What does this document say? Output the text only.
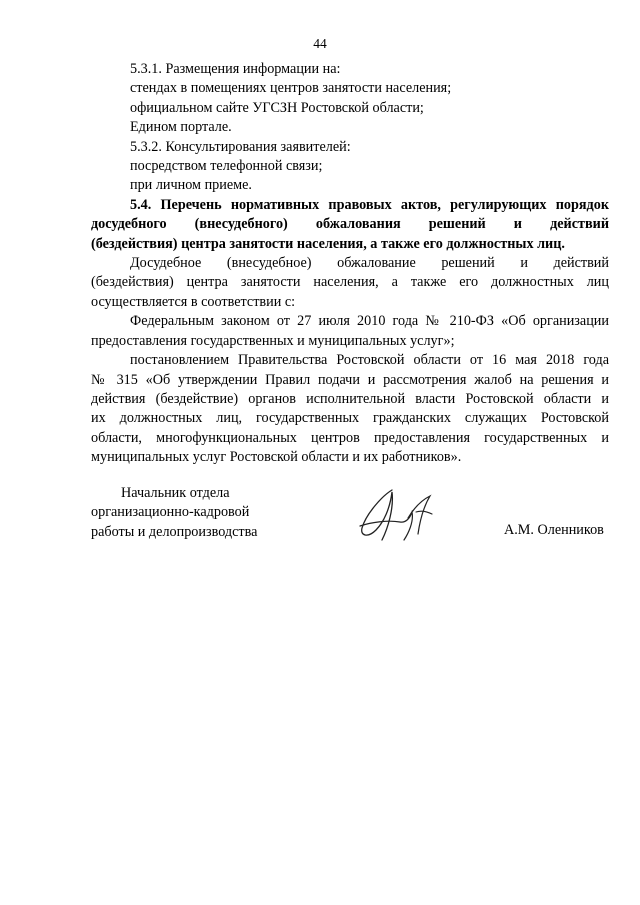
44

5.3.1. Размещения информации на:

стендах в помещениях центров занятости населения;

официальном сайте УГСЗН Ростовской области;

Едином портале.

5.3.2. Консультирования заявителей:

посредством телефонной связи;

при личном приеме.

5.4. Перечень нормативных правовых актов, регулирующих порядок

досудебного (внесудебного) обжалования решений и действий

(бездействия) центра занятости населения, а также его должностных лиц.

Досудебное (внесудебное) обжалование решений и действий

(бездействия) центра занятости населения, а также его должностных лиц

осуществляется в соответствии с:

Федеральным законом от 27 июля 2010 года № 210-ФЗ «Об организации

предоставления государственных и муниципальных услуг»;

постановлением Правительства Ростовской области от 16 мая 2018 года

№ 315 «Об утверждении Правил подачи и рассмотрения жалоб на решения и

действия (бездействие) органов исполнительной власти Ростовской области и

их должностных лиц, государственных гражданских служащих Ростовской

области, многофункциональных центров предоставления государственных и

муниципальных услуг Ростовской области и их работников».

Начальник отдела
организационно-кадровой
работы и делопроизводства	А.М. Оленников
